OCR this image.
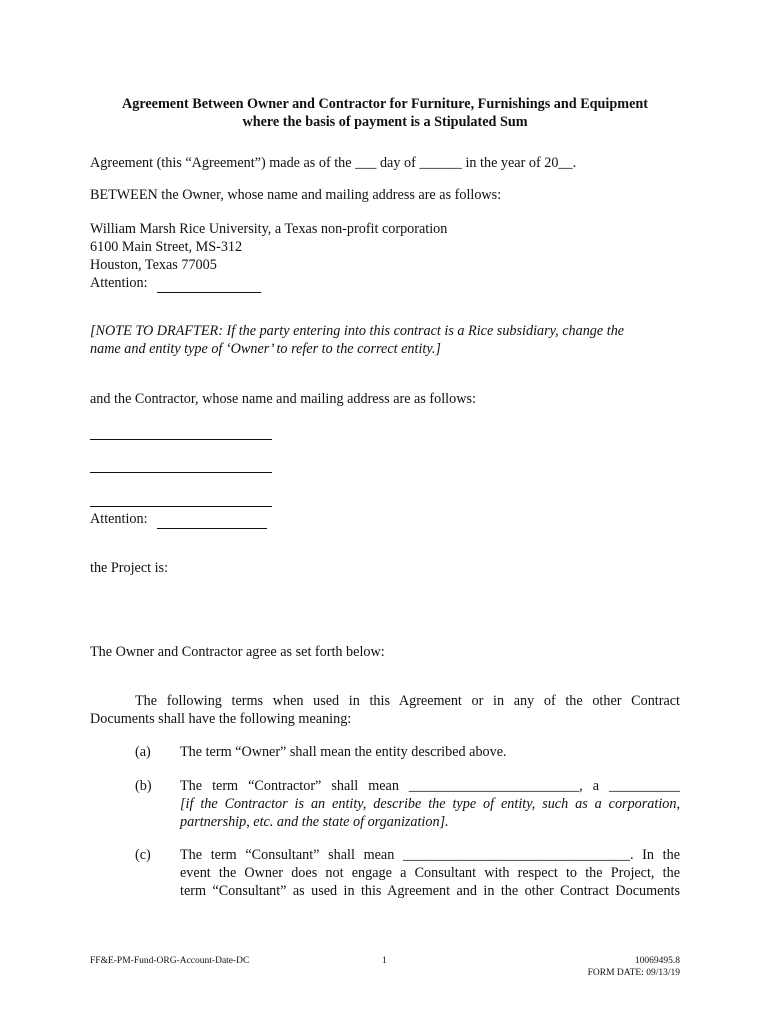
Agreement Between Owner and Contractor for Furniture, Furnishings and Equipment
where the basis of payment is a Stipulated Sum
Agreement (this “Agreement”) made as of the ___ day of ______ in the year of 20__.
BETWEEN the Owner, whose name and mailing address are as follows:
William Marsh Rice University, a Texas non-profit corporation
6100 Main Street, MS-312
Houston, Texas 77005
Attention:
[NOTE TO DRAFTER: If the party entering into this contract is a Rice subsidiary, change the
name and entity type of ‘Owner’ to refer to the correct entity.]
and the Contractor, whose name and mailing address are as follows:
Attention:
the Project is:
The Owner and Contractor agree as set forth below:
The following terms when used in this Agreement or in any of the other Contract
Documents shall have the following meaning:
(a) The term “Owner” shall mean the entity described above.
(b) The term “Contractor” shall mean ________________________, a __________
[if the Contractor is an entity, describe the type of entity, such as a corporation,
partnership, etc. and the state of organization].
(c) The term “Consultant” shall mean ________________________________. In the
event the Owner does not engage a Consultant with respect to the Project, the
term “Consultant” as used in this Agreement and in the other Contract Documents
FF&E-PM-Fund-ORG-Account-Date-DC	1	10069495.8
FORM DATE: 09/13/19
